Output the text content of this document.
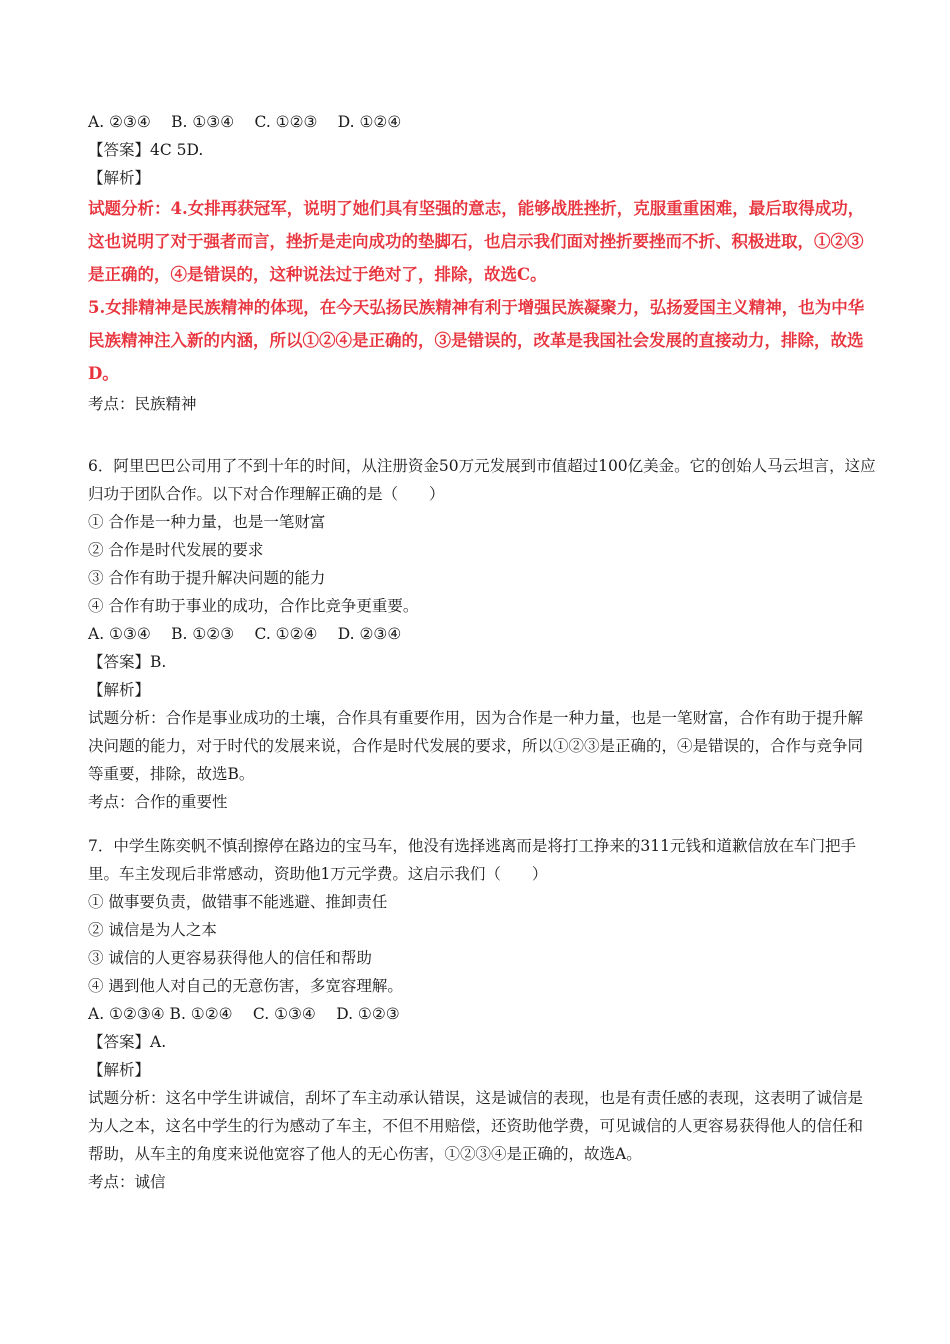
A. ②③④　 B. ①③④　 C. ①②③　 D. ①②④
【答案】4C 5D.
【解析】
试题分析：4.女排再获冠军，说明了她们具有坚强的意志，能够战胜挫折，克服重重困难，最后取得成功，这也说明了对于强者而言，挫折是走向成功的垫脚石，也启示我们面对挫折要挫而不折、积极进取，①②③是正确的，④是错误的，这种说法过于绝对了，排除，故选C。
5.女排精神是民族精神的体现，在今天弘扬民族精神有利于增强民族凝聚力，弘扬爱国主义精神，也为中华民族精神注入新的内涵，所以①②④是正确的，③是错误的，改革是我国社会发展的直接动力，排除，故选D。
考点：民族精神
6．阿里巴巴公司用了不到十年的时间，从注册资金50万元发展到市值超过100亿美金。它的创始人马云坦言，这应归功于团队合作。以下对合作理解正确的是（　　）
① 合作是一种力量，也是一笔财富
② 合作是时代发展的要求
③ 合作有助于提升解决问题的能力
④ 合作有助于事业的成功，合作比竞争更重要。
A. ①③④　 B. ①②③　 C. ①②④　 D. ②③④
【答案】B.
【解析】
试题分析：合作是事业成功的土壤，合作具有重要作用，因为合作是一种力量，也是一笔财富，合作有助于提升解决问题的能力，对于时代的发展来说，合作是时代发展的要求，所以①②③是正确的，④是错误的，合作与竞争同等重要，排除，故选B。
考点：合作的重要性
7．中学生陈奕帆不慎刮擦停在路边的宝马车，他没有选择逃离而是将打工挣来的311元钱和道歉信放在车门把手里。车主发现后非常感动，资助他1万元学费。这启示我们（　　）
① 做事要负责，做错事不能逃避、推卸责任
② 诚信是为人之本
③ 诚信的人更容易获得他人的信任和帮助
④ 遇到他人对自己的无意伤害，多宽容理解。
A. ①②③④ B. ①②④　 C. ①③④　 D. ①②③
【答案】A.
【解析】
试题分析：这名中学生讲诚信，刮坏了车主动承认错误，这是诚信的表现，也是有责任感的表现，这表明了诚信是为人之本，这名中学生的行为感动了车主，不但不用赔偿，还资助他学费，可见诚信的人更容易获得他人的信任和帮助，从车主的角度来说他宽容了他人的无心伤害，①②③④是正确的，故选A。
考点：诚信
